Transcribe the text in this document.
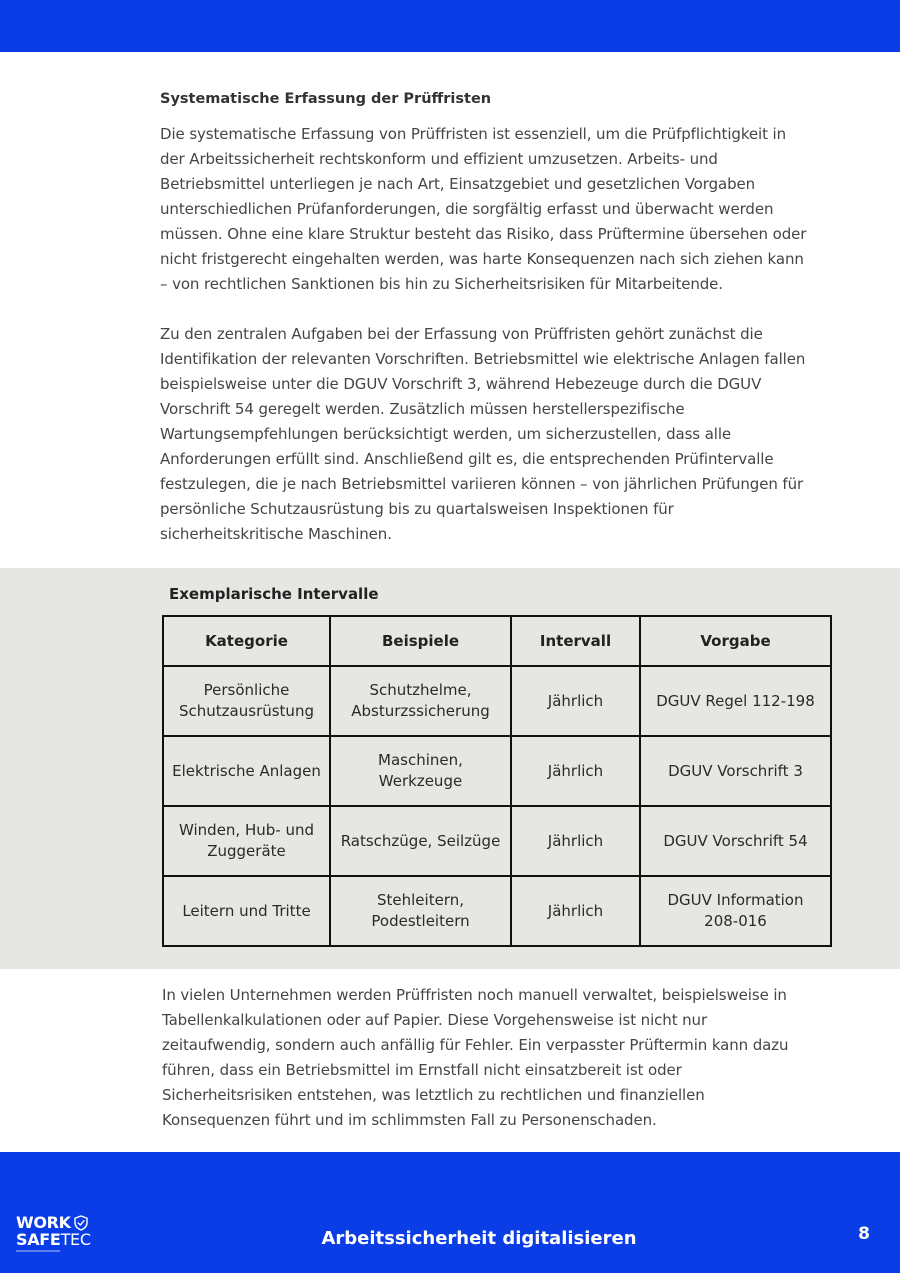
Systematische Erfassung der Prüffristen

Die systematische Erfassung von Prüffristen ist essenziell, um die Prüfpflichtigkeit in der Arbeitssicherheit rechtskonform und effizient umzusetzen. Arbeits- und Betriebsmittel unterliegen je nach Art, Einsatzgebiet und gesetzlichen Vorgaben unterschiedlichen Prüfanforderungen, die sorgfältig erfasst und überwacht werden müssen. Ohne eine klare Struktur besteht das Risiko, dass Prüftermine übersehen oder nicht fristgerecht eingehalten werden, was harte Konsequenzen nach sich ziehen kann – von rechtlichen Sanktionen bis hin zu Sicherheitsrisiken für Mitarbeitende.

Zu den zentralen Aufgaben bei der Erfassung von Prüffristen gehört zunächst die Identifikation der relevanten Vorschriften. Betriebsmittel wie elektrische Anlagen fallen beispielsweise unter die DGUV Vorschrift 3, während Hebezeuge durch die DGUV Vorschrift 54 geregelt werden. Zusätzlich müssen herstellerspezifische Wartungsempfehlungen berücksichtigt werden, um sicherzustellen, dass alle Anforderungen erfüllt sind. Anschließend gilt es, die entsprechenden Prüfintervalle festzulegen, die je nach Betriebsmittel variieren können – von jährlichen Prüfungen für persönliche Schutzausrüstung bis zu quartalsweisen Inspektionen für sicherheitskritische Maschinen.

Exemplarische Intervalle
Kategorie	Beispiele	Intervall	Vorgabe
Persönliche Schutzausrüstung	Schutzhelme, Absturzssicherung	Jährlich	DGUV Regel 112-198
Elektrische Anlagen	Maschinen, Werkzeuge	Jährlich	DGUV Vorschrift 3
Winden, Hub- und Zuggeräte	Ratschzüge, Seilzüge	Jährlich	DGUV Vorschrift 54
Leitern und Tritte	Stehleitern, Podestleitern	Jährlich	DGUV Information 208-016

In vielen Unternehmen werden Prüffristen noch manuell verwaltet, beispielsweise in Tabellenkalkulationen oder auf Papier. Diese Vorgehensweise ist nicht nur zeitaufwendig, sondern auch anfällig für Fehler. Ein verpasster Prüftermin kann dazu führen, dass ein Betriebsmittel im Ernstfall nicht einsatzbereit ist oder Sicherheitsrisiken entstehen, was letztlich zu rechtlichen und finanziellen Konsequenzen führt und im schlimmsten Fall zu Personenschaden.

WORK

SAFETEC	Arbeitssicherheit digitalisieren	8
